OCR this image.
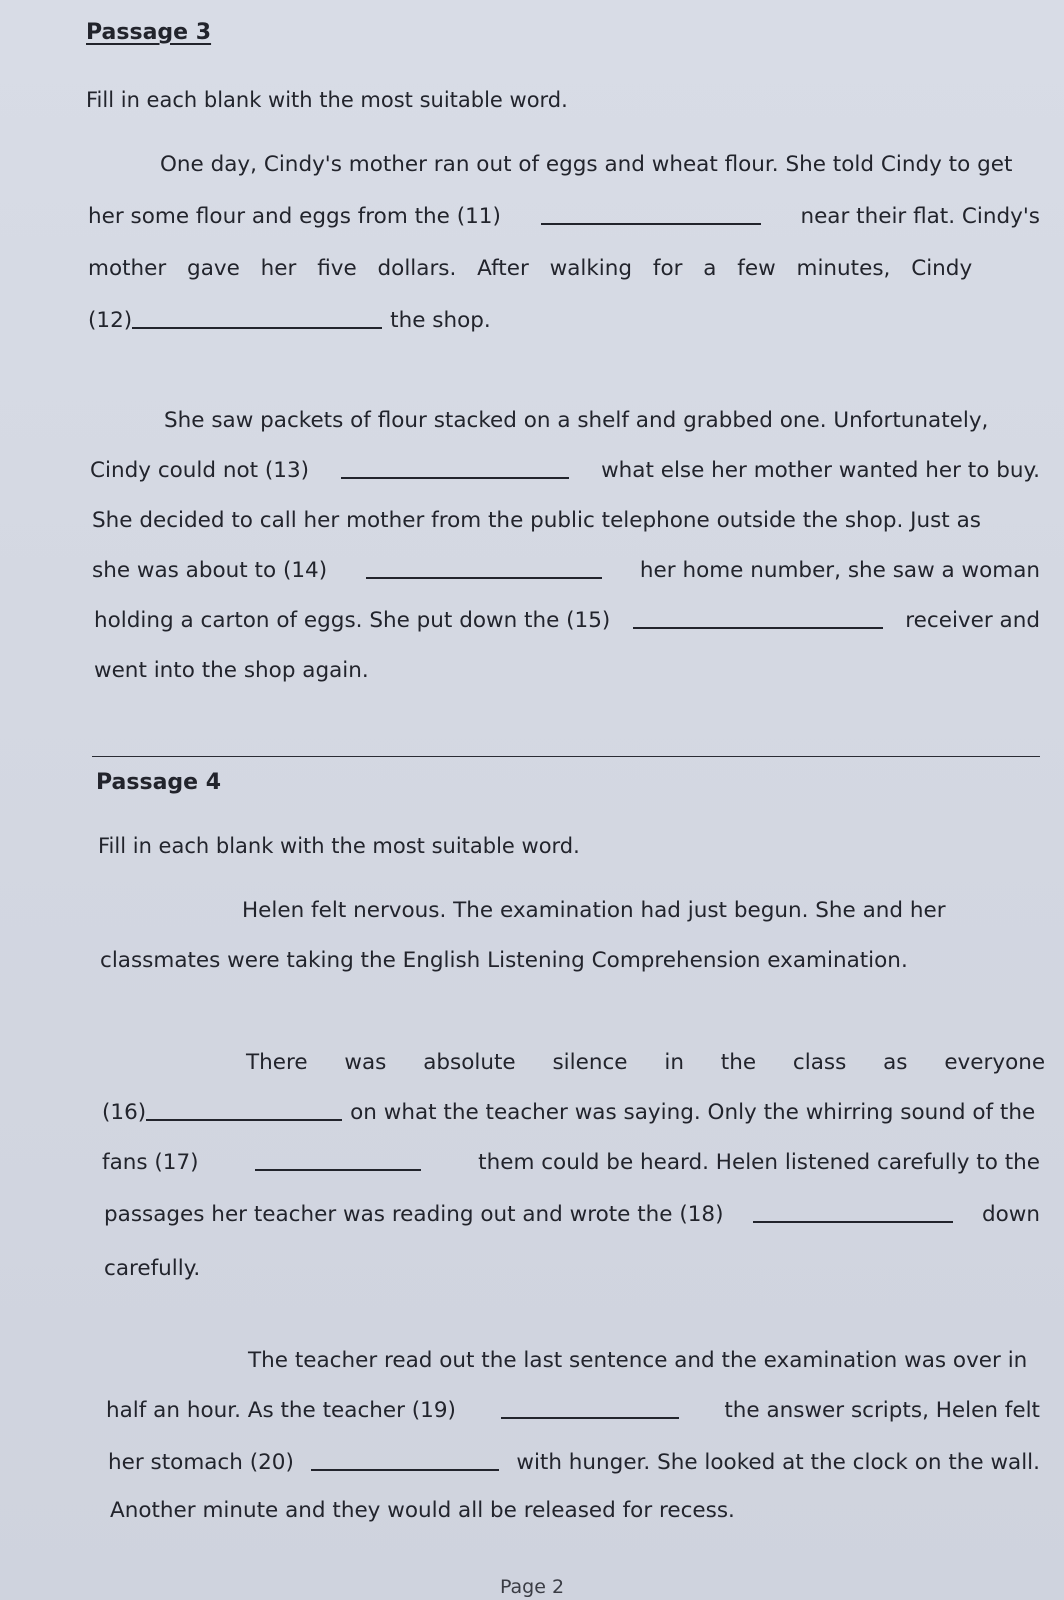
Passage 3
Fill in each blank with the most suitable word.
One day, Cindy's mother ran out of eggs and wheat flour. She told Cindy to get
her some flour and eggs from the (11)	near their flat. Cindy's
mother gave her five dollars. After walking for a few minutes, Cindy
(12)	the shop.
She saw packets of flour stacked on a shelf and grabbed one. Unfortunately,
Cindy could not (13)	what else her mother wanted her to buy.
She decided to call her mother from the public telephone outside the shop. Just as
she was about to (14)	her home number, she saw a woman
holding a carton of eggs. She put down the (15)	receiver and
went into the shop again.
Passage 4
Fill in each blank with the most suitable word.
Helen felt nervous. The examination had just begun. She and her
classmates were taking the English Listening Comprehension examination.
There was absolute silence in the class as everyone
(16)	on what the teacher was saying. Only the whirring sound of the
fans (17)	them could be heard. Helen listened carefully to the
passages her teacher was reading out and wrote the (18)	down
carefully.
The teacher read out the last sentence and the examination was over in
half an hour. As the teacher (19)	the answer scripts, Helen felt
her stomach (20)	with hunger. She looked at the clock on the wall.
Another minute and they would all be released for recess.
Page 2
